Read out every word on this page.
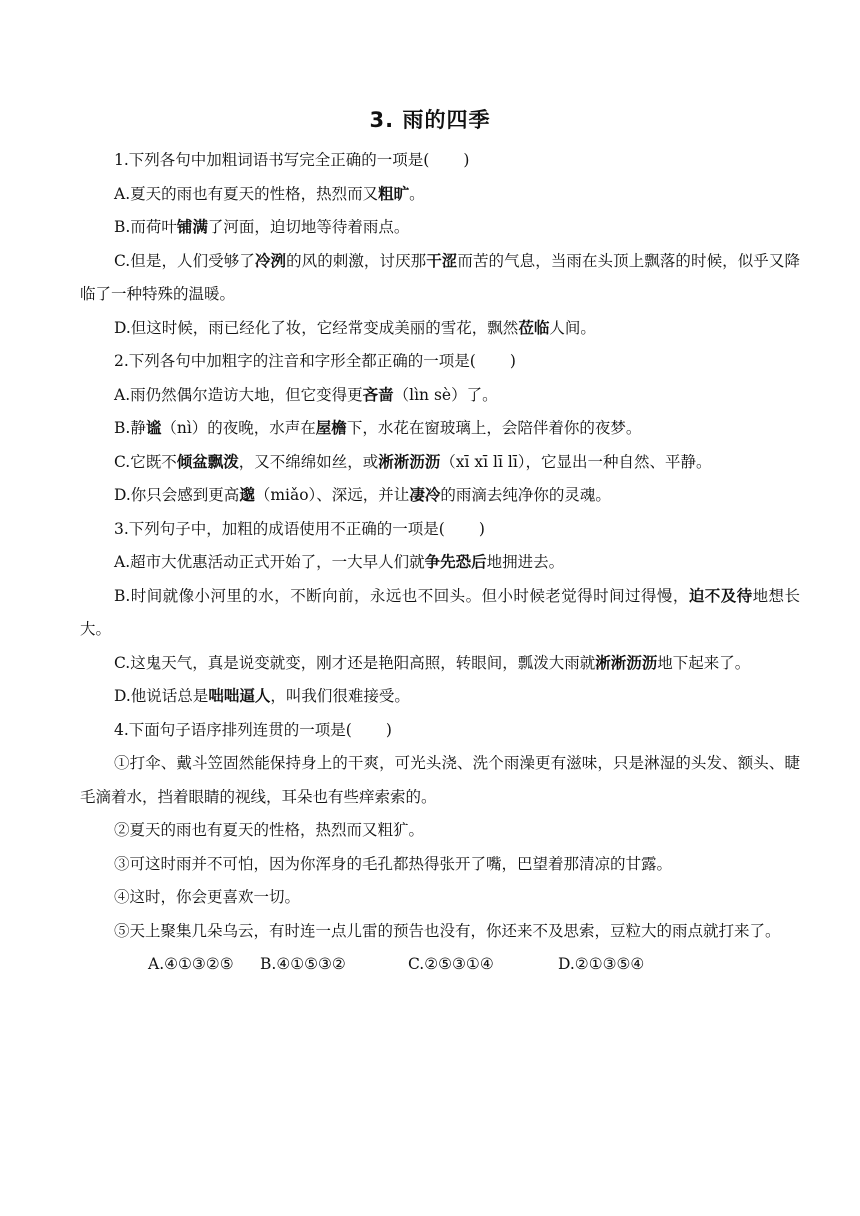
3. 雨的四季

1.下列各句中加粗词语书写完全正确的一项是( )

A.夏天的雨也有夏天的性格，热烈而又粗旷。

B.而荷叶铺满了河面，迫切地等待着雨点。

C.但是，人们受够了冷洌的风的刺激，讨厌那干涩而苦的气息，当雨在头顶上飘落的时候，似乎又降临了一种特殊的温暖。

D.但这时候，雨已经化了妆，它经常变成美丽的雪花，飘然莅临人间。

2.下列各句中加粗字的注音和字形全都正确的一项是( )

A.雨仍然偶尔造访大地，但它变得更吝啬（lìn sè）了。

B.静谧（nì）的夜晚，水声在屋檐下，水花在窗玻璃上，会陪伴着你的夜梦。

C.它既不倾盆飘泼，又不绵绵如丝，或淅淅沥沥（xī xī lī lī），它显出一种自然、平静。

D.你只会感到更高邈（miǎo）、深远，并让凄冷的雨滴去纯净你的灵魂。

3.下列句子中，加粗的成语使用不正确的一项是( )

A.超市大优惠活动正式开始了，一大早人们就争先恐后地拥进去。

B.时间就像小河里的水，不断向前，永远也不回头。但小时候老觉得时间过得慢，迫不及待地想长大。

C.这鬼天气，真是说变就变，刚才还是艳阳高照，转眼间，瓢泼大雨就淅淅沥沥地下起来了。

D.他说话总是咄咄逼人，叫我们很难接受。

4.下面句子语序排列连贯的一项是( )

①打伞、戴斗笠固然能保持身上的干爽，可光头浇、洗个雨澡更有滋味，只是淋湿的头发、额头、睫毛滴着水，挡着眼睛的视线，耳朵也有些痒索索的。

②夏天的雨也有夏天的性格，热烈而又粗犷。

③可这时雨并不可怕，因为你浑身的毛孔都热得张开了嘴，巴望着那清凉的甘露。

④这时，你会更喜欢一切。

⑤天上聚集几朵乌云，有时连一点儿雷的预告也没有，你还来不及思索，豆粒大的雨点就打来了。

A.④①③②⑤ B.④①⑤③②	C.②⑤③①④	D.②①③⑤④
